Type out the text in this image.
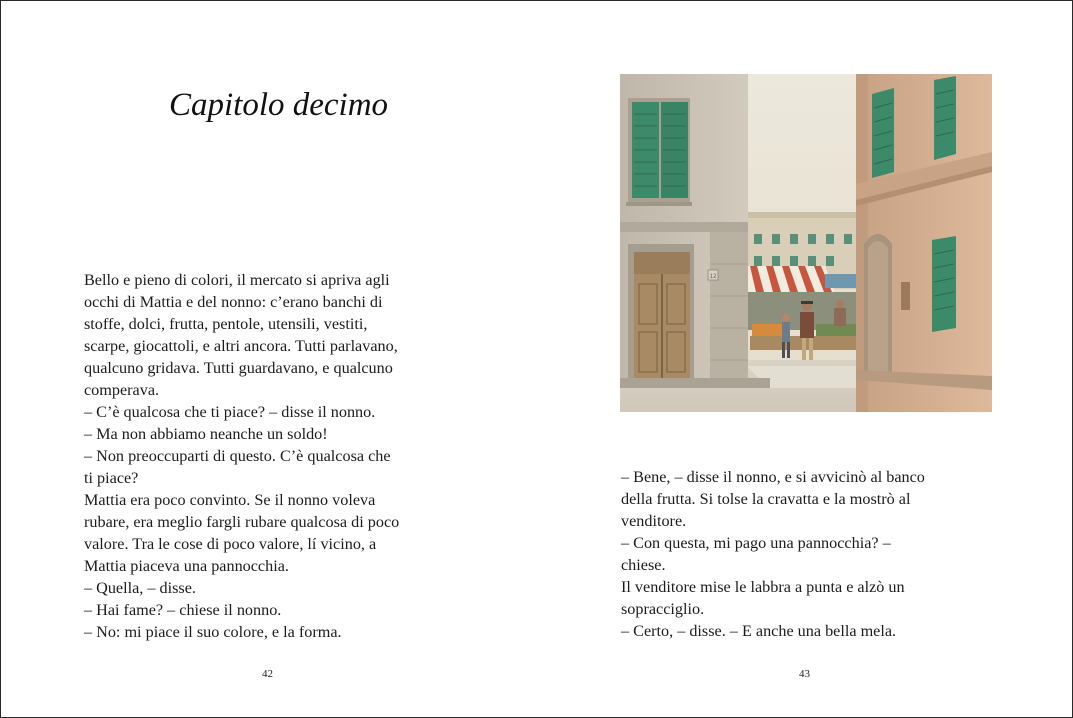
Capitolo decimo
Bello e pieno di colori, il mercato si apriva agli
occhi di Mattia e del nonno: c’erano banchi di
stoffe, dolci, frutta, pentole, utensili, vestiti,
scarpe, giocattoli, e altri ancora. Tutti parlavano,
qualcuno gridava. Tutti guardavano, e qualcuno
comperava.
– C’è qualcosa che ti piace? – disse il nonno.
– Ma non abbiamo neanche un soldo!
– Non preoccuparti di questo. C’è qualcosa che
ti piace?
Mattia era poco convinto. Se il nonno voleva
rubare, era meglio fargli rubare qualcosa di poco
valore. Tra le cose di poco valore, lí vicino, a
Mattia piaceva una pannocchia.
– Quella, – disse.
– Hai fame? – chiese il nonno.
– No: mi piace il suo colore, e la forma.
42
12
– Bene, – disse il nonno, e si avvicinò al banco
della frutta. Si tolse la cravatta e la mostrò al
venditore.
– Con questa, mi pago una pannocchia? –
chiese.
Il venditore mise le labbra a punta e alzò un
sopracciglio.
– Certo, – disse. – E anche una bella mela.
43
